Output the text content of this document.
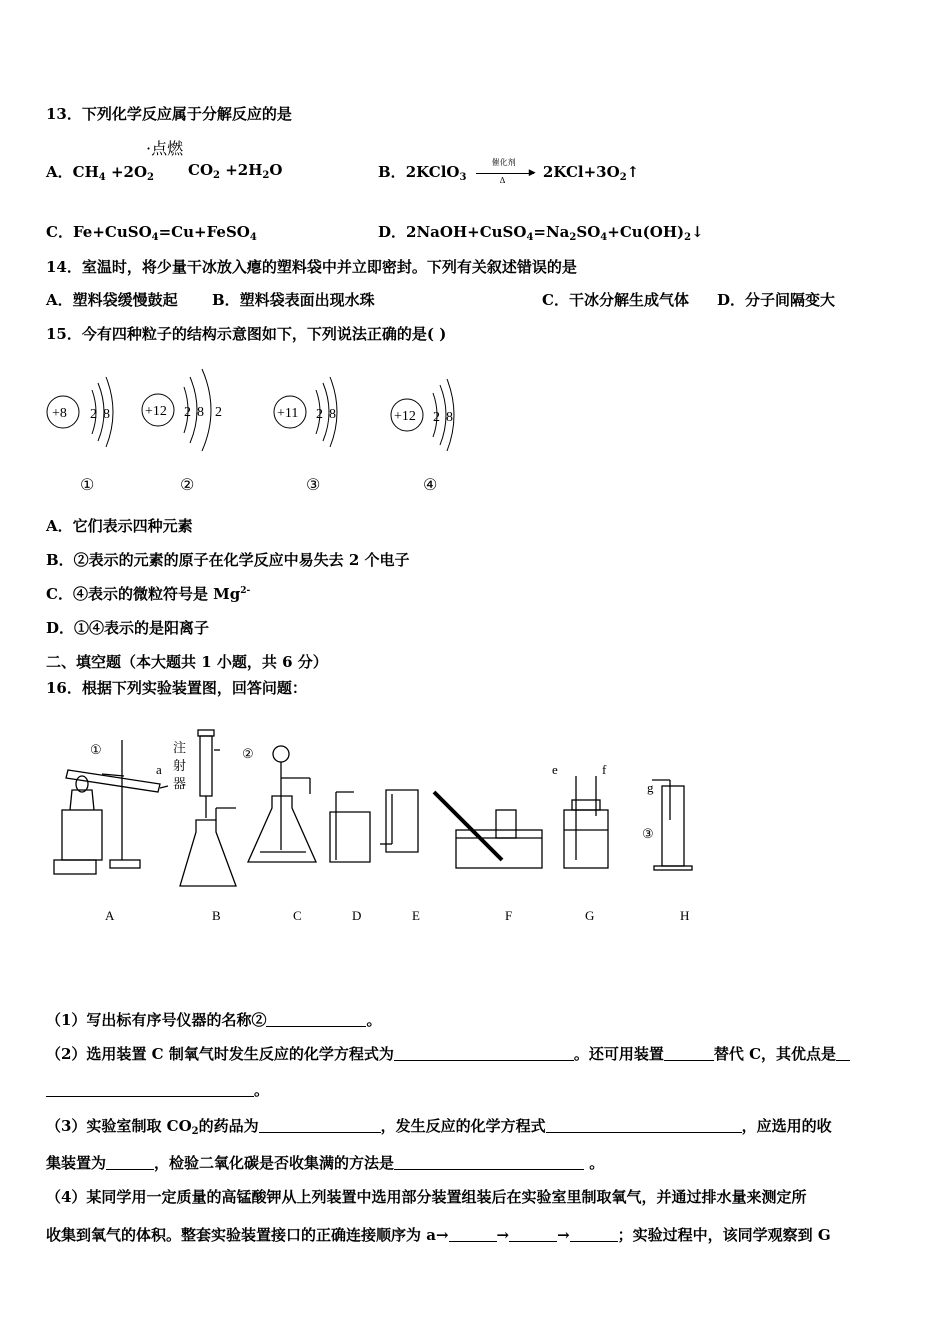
13．下列化学反应属于分解反应的是
·点燃
A．$CH_4 +2O_2$ $CO_2 +2H_2O$	B．2KClO$_3$
催化剂
▶
Δ $2KCl+3O_2↑$
C．Fe+CuSO$_4$=Cu+FeSO$_4$	D．$2NaOH+CuSO_4=Na_2SO_4+Cu(OH)_2↓$
14．室温时，将少量干冰放入瘪的塑料袋中并立即密封。下列有关叙述错误的是
A．塑料袋缓慢鼓起 B．塑料袋表面出现水珠	C．干冰分解生成气体 D．分子间隔变大
15．今有四种粒子的结构示意图如下，下列说法正确的是( )
+8 2 8	+12 2 8 2	+11 2 8	+12 2 8
①	②	③	④
A．它们表示四种元素
B．②表示的元素的原子在化学反应中易失去 2 个电子
C．④表示的微粒符号是 $Mg^{2-}$
D．①④表示的是阳离子
二、填空题（本大题共 1 小题，共 6 分）
16．根据下列实验装置图，回答问题：
①
a
注
射
器
②
e	f
g
③
A	B	C	D	E	F	G	H
（1）写出标有序号仪器的名称②	。
（2）选用装置 C 制氧气时发生反应的化学方程式为	。还可用装置	替代 C，其优点是
。
（3）实验室制取 $CO_2$的药品为	，发生反应的化学方程式	，应选用的收
集装置为	，检验二氧化碳是否收集满的方法是	。
（4）某同学用一定质量的高锰酸钾从上列装置中选用部分装置组装后在实验室里制取氧气，并通过排水量来测定所
收集到氧气的体积。整套实验装置接口的正确连接顺序为 a→	→	→	；实验过程中，该同学观察到 G
